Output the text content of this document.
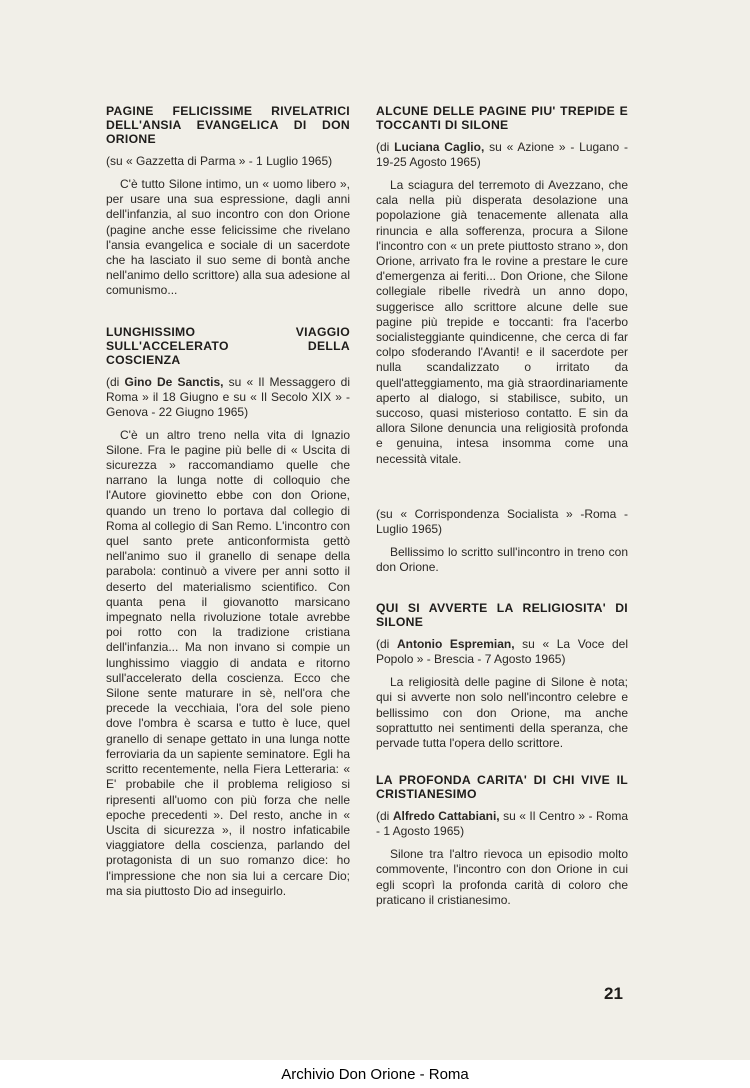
PAGINE FELICISSIME RIVELATRICI DELL'ANSIA EVANGELICA DI DON ORIONE

(su « Gazzetta di Parma » - 1 Luglio 1965)

C'è tutto Silone intimo, un « uomo libero », per usare una sua espressione, dagli anni dell'infanzia, al suo incontro con don Orione (pagine anche esse felicissime che rivelano l'ansia evangelica e sociale di un sacerdote che ha lasciato il suo seme di bontà anche nell'animo dello scrittore) alla sua adesione al comunismo...

LUNGHISSIMO VIAGGIO SULL'ACCELERATO DELLA COSCIENZA

(di Gino De Sanctis, su « Il Messaggero di Roma » il 18 Giugno e su « Il Secolo XIX » - Genova - 22 Giugno 1965)

C'è un altro treno nella vita di Ignazio Silone. Fra le pagine più belle di « Uscita di sicurezza » raccomandiamo quelle che narrano la lunga notte di colloquio che l'Autore giovinetto ebbe con don Orione, quando un treno lo portava dal collegio di Roma al collegio di San Remo. L'incontro con quel santo prete anticonformista gettò nell'animo suo il granello di senape della parabola: continuò a vivere per anni sotto il deserto del materialismo scientifico. Con quanta pena il giovanotto marsicano impegnato nella rivoluzione totale avrebbe poi rotto con la tradizione cristiana dell'infanzia... Ma non invano si compie un lunghissimo viaggio di andata e ritorno sull'accelerato della coscienza. Ecco che Silone sente maturare in sè, nell'ora che precede la vecchiaia, l'ora del sole pieno dove l'ombra è scarsa e tutto è luce, quel granello di senape gettato in una lunga notte ferroviaria da un sapiente seminatore. Egli ha scritto recentemente, nella Fiera Letteraria: « E' probabile che il problema religioso si ripresenti all'uomo con più forza che nelle epoche precedenti ». Del resto, anche in « Uscita di sicurezza », il nostro infaticabile viaggiatore della coscienza, parlando del protagonista di un suo romanzo dice: ho l'impressione che non sia lui a cercare Dio; ma sia piuttosto Dio ad inseguirlo.

ALCUNE DELLE PAGINE PIU' TREPIDE E TOCCANTI DI SILONE

(di Luciana Caglio, su « Azione » - Lugano - 19-25 Agosto 1965)

La sciagura del terremoto di Avezzano, che cala nella più disperata desolazione una popolazione già tenacemente allenata alla rinuncia e alla sofferenza, procura a Silone l'incontro con « un prete piuttosto strano », don Orione, arrivato fra le rovine a prestare le cure d'emergenza ai feriti... Don Orione, che Silone collegiale ribelle rivedrà un anno dopo, suggerisce allo scrittore alcune delle sue pagine più trepide e toccanti: fra l'acerbo socialisteggiante quindicenne, che cerca di far colpo sfoderando l'Avanti! e il sacerdote per nulla scandalizzato o irritato da quell'atteggiamento, ma già straordinariamente aperto al dialogo, si stabilisce, subito, un succoso, quasi misterioso contatto. E sin da allora Silone denuncia una religiosità profonda e genuina, intesa insomma come una necessità vitale.

(su « Corrispondenza Socialista » -Roma - Luglio 1965)

Bellissimo lo scritto sull'incontro in treno con don Orione.

QUI SI AVVERTE LA RELIGIOSITA' DI SILONE

(di Antonio Espremian, su « La Voce del Popolo » - Brescia - 7 Agosto 1965)

La religiosità delle pagine di Silone è nota; qui si avverte non solo nell'incontro celebre e bellissimo con don Orione, ma anche soprattutto nei sentimenti della speranza, che pervade tutta l'opera dello scrittore.

LA PROFONDA CARITA' DI CHI VIVE IL CRISTIANESIMO

(di Alfredo Cattabiani, su « Il Centro » - Roma - 1 Agosto 1965)

Silone tra l'altro rievoca un episodio molto commovente, l'incontro con don Orione in cui egli scoprì la profonda carità di coloro che praticano il cristianesimo.

21
Archivio Don Orione - Roma
